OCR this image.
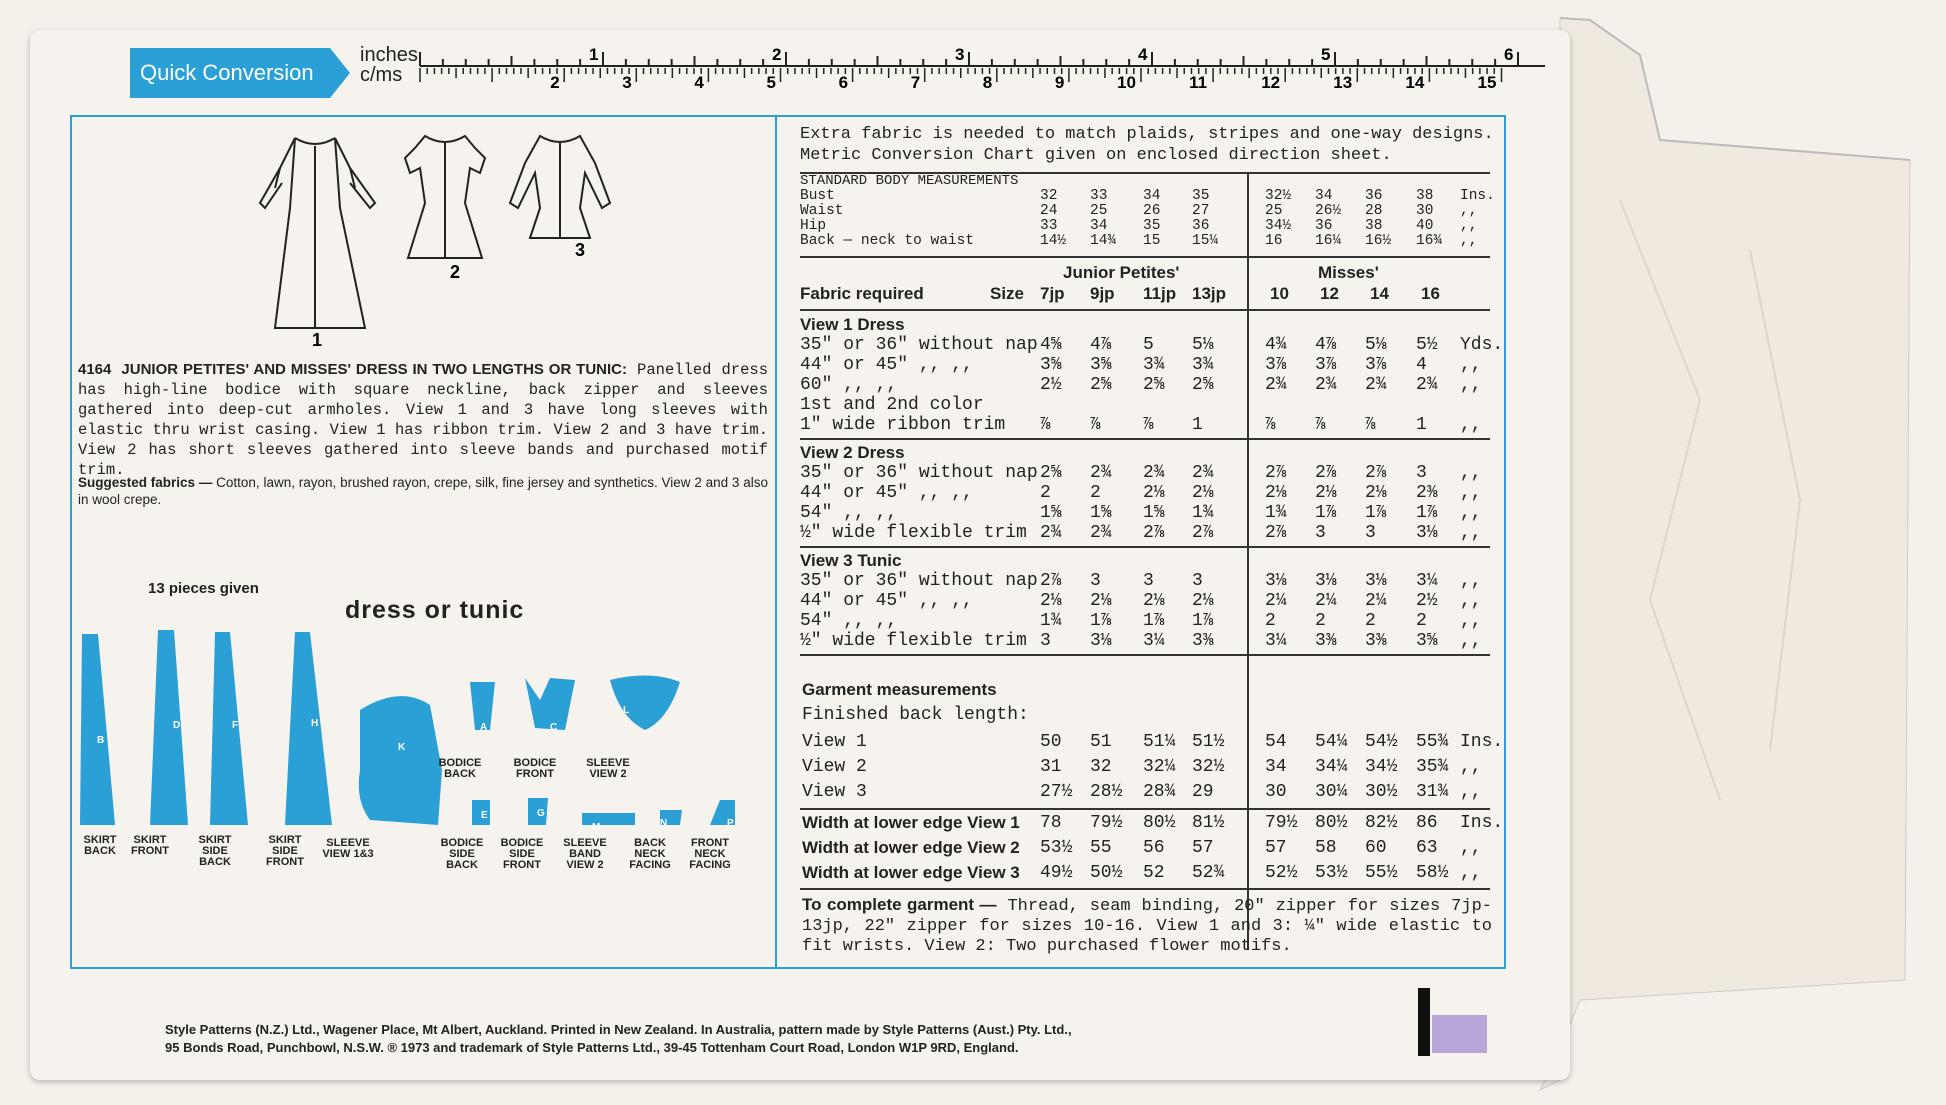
Quick Conversion
inches
c/ms
1	2	3	4	5	6
2	3	4	5	6	7	8	9	10	11	12	13	14	15
1
2
3
4164 JUNIOR PETITES' AND MISSES' DRESS IN TWO LENGTHS OR TUNIC: Panelled dress has high-line bodice with square neckline, back zipper and sleeves gathered into deep-cut armholes. View 1 and 3 have long sleeves with elastic thru wrist casing. View 1 has ribbon trim. View 2 and 3 have trim. View 2 has short sleeves gathered into sleeve bands and purchased motif trim.
Suggested fabrics — Cotton, lawn, rayon, brushed rayon, crepe, silk, fine jersey and synthetics. View 2 and 3 also in wool crepe.
13 pieces given
dress or tunic
Extra fabric is needed to match plaids, stripes and one-way designs.
Metric Conversion Chart given on enclosed direction sheet.
STANDARD BODY MEASUREMENTS
Bust	32 33 34 35	32½ 34 36 38 Ins.
Waist	24 25 26 27	25 26½ 28 30 ,,
Hip	33 34 35 36	34½ 36 38 40 ,,
Back — neck to waist	14½ 14¾ 15 15¼	16 16¼ 16½ 16¾ ,,
Junior Petites'	Misses'
Fabric required	Size 7jp 9jp 11jp 13jp	10 12 14 16
View 1 Dress
35" or 36" without nap 4⅝ 4⅞ 5 5⅛	4¾ 4⅞ 5⅛ 5½ Yds.
44" or 45" ,, ,,	3⅝ 3⅝ 3¾ 3¾	3⅞ 3⅞ 3⅞ 4 ,,
60" ,, ,,	2½ 2⅝ 2⅝ 2⅝	2¾ 2¾ 2¾ 2¾ ,,
1st and 2nd color
1" wide ribbon trim ⅞ ⅞ ⅞ 1	⅞ ⅞ ⅞ 1 ,,
View 2 Dress
35" or 36" without nap 2⅝ 2¾ 2¾ 2¾	2⅞ 2⅞ 2⅞ 3 ,,
44" or 45" ,, ,,	2 2 2⅛ 2⅛	2⅛ 2⅛ 2⅛ 2⅜ ,,
54" ,, ,,	1⅝ 1⅝ 1⅝ 1¾	1¾ 1⅞ 1⅞ 1⅞ ,,
½" wide flexible trim 2¾ 2¾ 2⅞ 2⅞	2⅞ 3 3 3⅛ ,,
View 3 Tunic
35" or 36" without nap 2⅞ 3 3 3	3⅛ 3⅛ 3⅛ 3¼ ,,
44" or 45" ,, ,,	2⅛ 2⅛ 2⅛ 2⅛	2¼ 2¼ 2¼ 2½ ,,
54" ,, ,,	1¾ 1⅞ 1⅞ 1⅞	2 2 2 2 ,,
½" wide flexible trim 3 3⅛ 3¼ 3⅜	3¼ 3⅜ 3⅜ 3⅝ ,,
Garment measurements
Finished back length:
View 1	50 51 51¼ 51½ 54 54¼ 54½ 55¾ Ins.
View 2	31 32 32¼ 32½ 34 34¼ 34½ 35¾ ,,
View 3	27½ 28½ 28¾ 29	30 30¼ 30½ 31¾ ,,
Width at lower edge View 1 78 79½ 80½ 81½ 79½ 80½ 82½ 86 Ins.
Width at lower edge View 2 53½ 55 56 57	57 58 60 63 ,,
Width at lower edge View 3 49½ 50½ 52 52¾ 52½ 53½ 55½ 58½ ,,
To complete garment — Thread, seam binding, 20" zipper for sizes 7jp-13jp, 22" zipper for sizes 10-16. View 1 and 3: ¼" wide elastic to fit wrists. View 2: Two purchased flower motifs.
Style Patterns (N.Z.) Ltd., Wagener Place, Mt Albert, Auckland. Printed in New Zealand. In Australia, pattern made by Style Patterns (Aust.) Pty. Ltd.,
95 Bonds Road, Punchbowl, N.S.W. ® 1973 and trademark of Style Patterns Ltd., 39-45 Tottenham Court Road, London W1P 9RD, England.
SKIRT BACK
B
SKIRT FRONT
D
SKIRT SIDE BACK
F
SKIRT SIDE FRONT
H
SLEEVE VIEW 1&3
K
BODICE BACK
A
BODICE FRONT
C
SLEEVE VIEW 2
L
BODICE SIDE BACK
E
BODICE SIDE FRONT
G
SLEEVE BAND VIEW 2
M
BACK NECK FACING
N
FRONT NECK FACING
P
